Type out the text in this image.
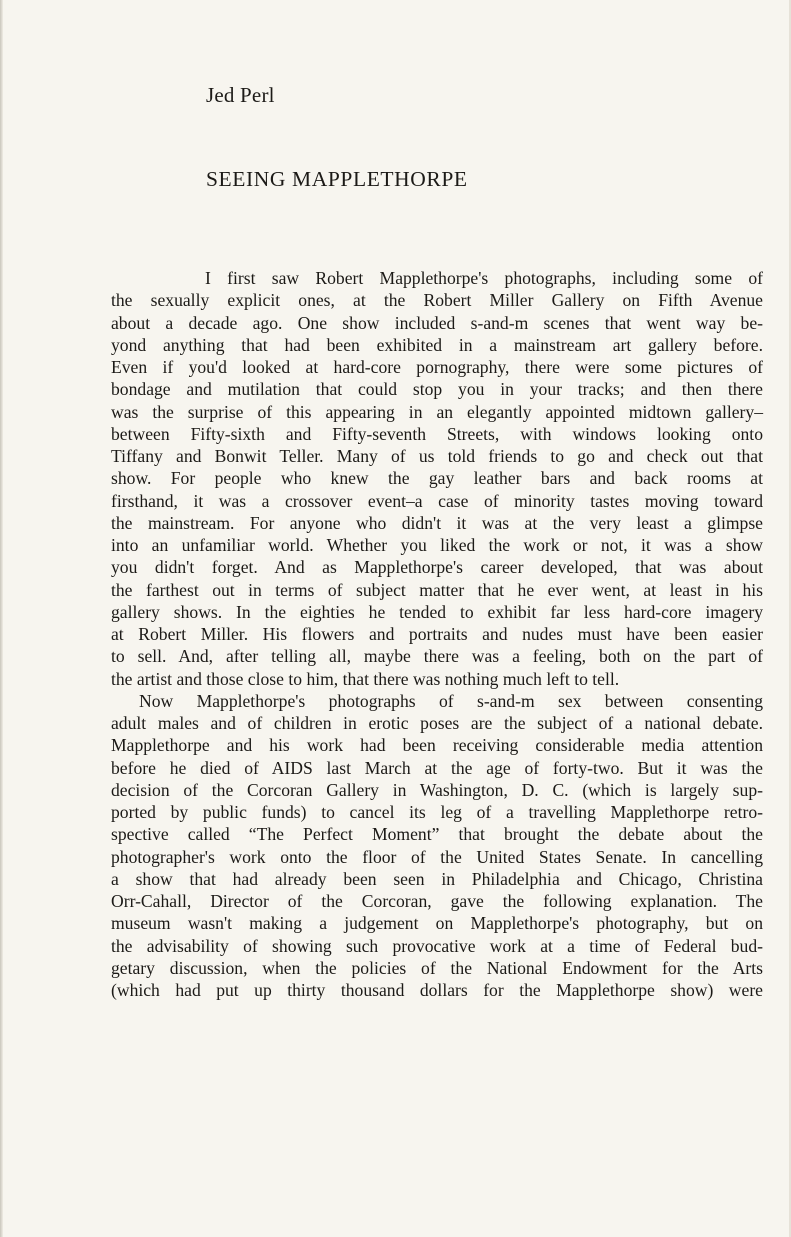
Jed Perl
SEEING MAPPLETHORPE
I first saw Robert Mapplethorpe's photographs, including some of
the sexually explicit ones, at the Robert Miller Gallery on Fifth Avenue
about a decade ago. One show included s-and-m scenes that went way be-
yond anything that had been exhibited in a mainstream art gallery before.
Even if you'd looked at hard-core pornography, there were some pictures of
bondage and mutilation that could stop you in your tracks; and then there
was the surprise of this appearing in an elegantly appointed midtown gallery–
between Fifty-sixth and Fifty-seventh Streets, with windows looking onto
Tiffany and Bonwit Teller. Many of us told friends to go and check out that
show. For people who knew the gay leather bars and back rooms at
firsthand, it was a crossover event–a case of minority tastes moving toward
the mainstream. For anyone who didn't it was at the very least a glimpse
into an unfamiliar world. Whether you liked the work or not, it was a show
you didn't forget. And as Mapplethorpe's career developed, that was about
the farthest out in terms of subject matter that he ever went, at least in his
gallery shows. In the eighties he tended to exhibit far less hard-core imagery
at Robert Miller. His flowers and portraits and nudes must have been easier
to sell. And, after telling all, maybe there was a feeling, both on the part of
the artist and those close to him, that there was nothing much left to tell.
Now Mapplethorpe's photographs of s-and-m sex between consenting
adult males and of children in erotic poses are the subject of a national debate.
Mapplethorpe and his work had been receiving considerable media attention
before he died of AIDS last March at the age of forty-two. But it was the
decision of the Corcoran Gallery in Washington, D. C. (which is largely sup-
ported by public funds) to cancel its leg of a travelling Mapplethorpe retro-
spective called “The Perfect Moment” that brought the debate about the
photographer's work onto the floor of the United States Senate. In cancelling
a show that had already been seen in Philadelphia and Chicago, Christina
Orr-Cahall, Director of the Corcoran, gave the following explanation. The
museum wasn't making a judgement on Mapplethorpe's photography, but on
the advisability of showing such provocative work at a time of Federal bud-
getary discussion, when the policies of the National Endowment for the Arts
(which had put up thirty thousand dollars for the Mapplethorpe show) were
